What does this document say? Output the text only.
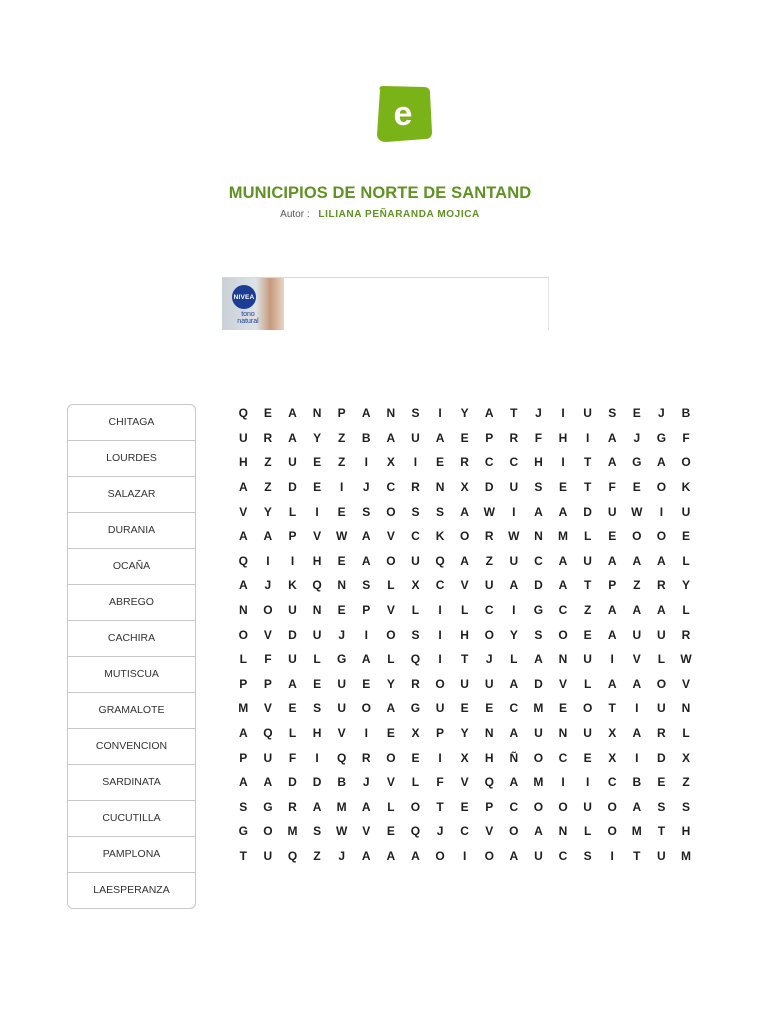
e
MUNICIPIOS DE NORTE DE SANTAND
Autor : LILIANA PEÑARANDA MOJICA
NIVEA
tono
natural
CHITAGA
LOURDES
SALAZAR
DURANIA
OCAÑA
ABREGO
CACHIRA
MUTISCUA
GRAMALOTE
CONVENCION
SARDINATA
CUCUTILLA
PAMPLONA
LAESPERANZA
Q	E	A	N	P	A	N	S	I	Y	A	T	J	I	U	S	E	J	B
U	R	A	Y	Z	B	A	U	A	E	P	R	F	H	I	A	J	G	F
H	Z	U	E	Z	I	X	I	E	R	C	C	H	I	T	A	G	A	O
A	Z	D	E	I	J	C	R	N	X	D	U	S	E	T	F	E	O	K
V	Y	L	I	E	S	O	S	S	A	W	I	A	A	D	U	W	I	U
A	A	P	V	W	A	V	C	K	O	R	W	N	M	L	E	O	O	E
Q	I	I	H	E	A	O	U	Q	A	Z	U	C	A	U	A	A	A	L
A	J	K	Q	N	S	L	X	C	V	U	A	D	A	T	P	Z	R	Y
N	O	U	N	E	P	V	L	I	L	C	I	G	C	Z	A	A	A	L
O	V	D	U	J	I	O	S	I	H	O	Y	S	O	E	A	U	U	R
L	F	U	L	G	A	L	Q	I	T	J	L	A	N	U	I	V	L	W
P	P	A	E	U	E	Y	R	O	U	U	A	D	V	L	A	A	O	V
M	V	E	S	U	O	A	G	U	E	E	C	M	E	O	T	I	U	N
A	Q	L	H	V	I	E	X	P	Y	N	A	U	N	U	X	A	R	L
P	U	F	I	Q	R	O	E	I	X	H	Ñ	O	C	E	X	I	D	X
A	A	D	D	B	J	V	L	F	V	Q	A	M	I	I	C	B	E	Z
S	G	R	A	M	A	L	O	T	E	P	C	O	O	U	O	A	S	S
G	O	M	S	W	V	E	Q	J	C	V	O	A	N	L	O	M	T	H
T	U	Q	Z	J	A	A	A	O	I	O	A	U	C	S	I	T	U	M
